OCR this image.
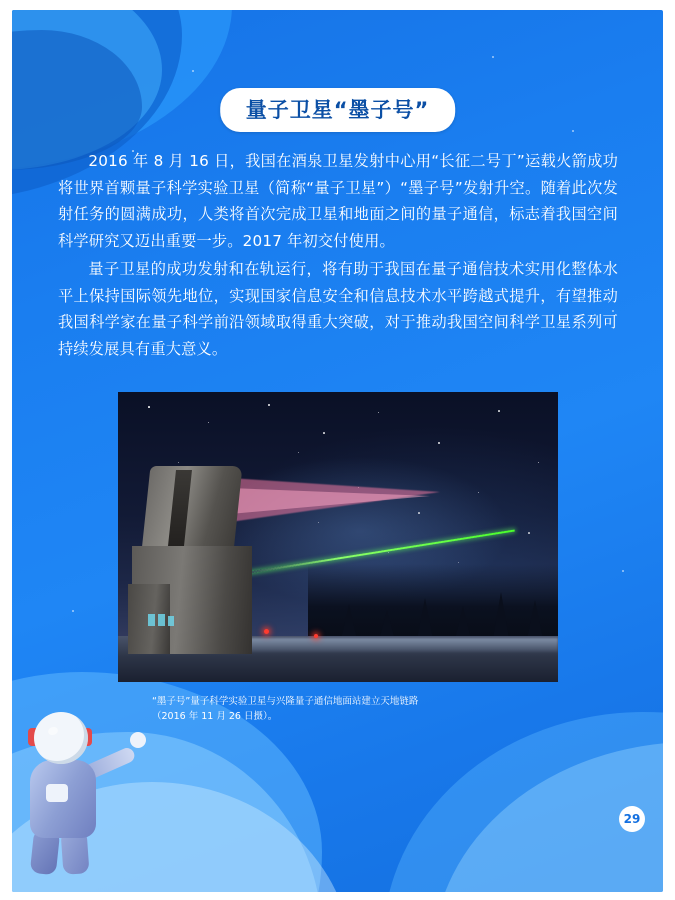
量子卫星“墨子号”

2016 年 8 月 16 日，我国在酒泉卫星发射中心用“长征二号丁”运载火箭成功将世界首颗量子科学实验卫星（简称“量子卫星”）“墨子号”发射升空。随着此次发射任务的圆满成功，人类将首次完成卫星和地面之间的量子通信，标志着我国空间科学研究又迈出重要一步。2017 年初交付使用。

量子卫星的成功发射和在轨运行，将有助于我国在量子通信技术实用化整体水平上保持国际领先地位，实现国家信息安全和信息技术水平跨越式提升，有望推动我国科学家在量子科学前沿领域取得重大突破，对于推动我国空间科学卫星系列可持续发展具有重大意义。

“墨子号”量子科学实验卫星与兴隆量子通信地面站建立天地链路
（2016 年 11 月 26 日摄）。
29
